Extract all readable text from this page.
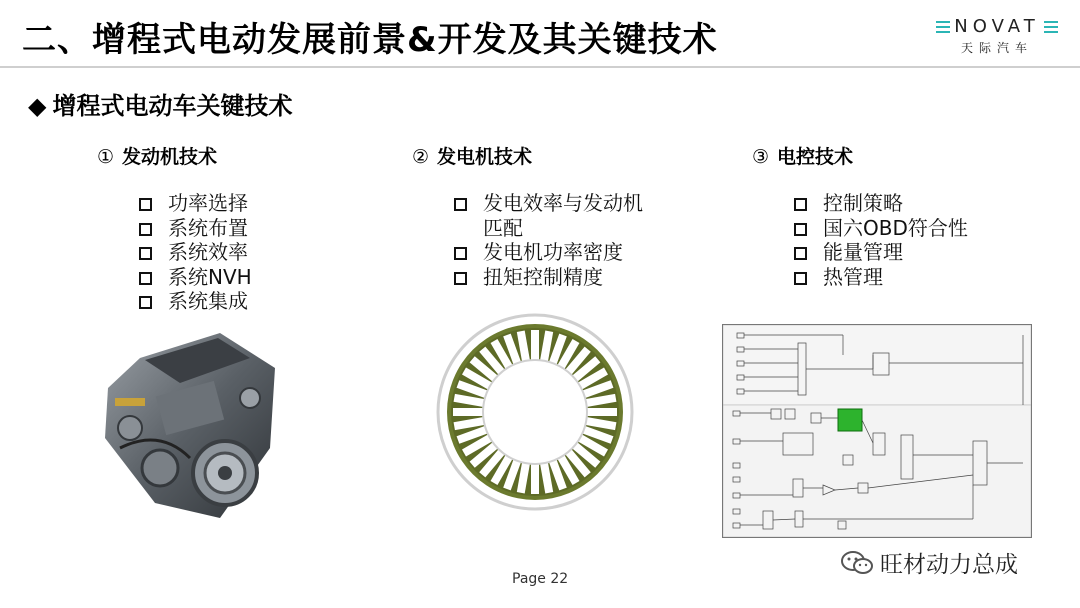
二、增程式电动发展前景&开发及其关键技术	NOVAT
天际汽车
◆ 增程式电动车关键技术
① 发动机技术
功率选择
系统布置
系统效率
系统NVH
系统集成
② 发电机技术
发电效率与发动机匹配
发电机功率密度
扭矩控制精度
③ 电控技术
控制策略
国六OBD符合性
能量管理
热管理
Page 22
旺材动力总成
